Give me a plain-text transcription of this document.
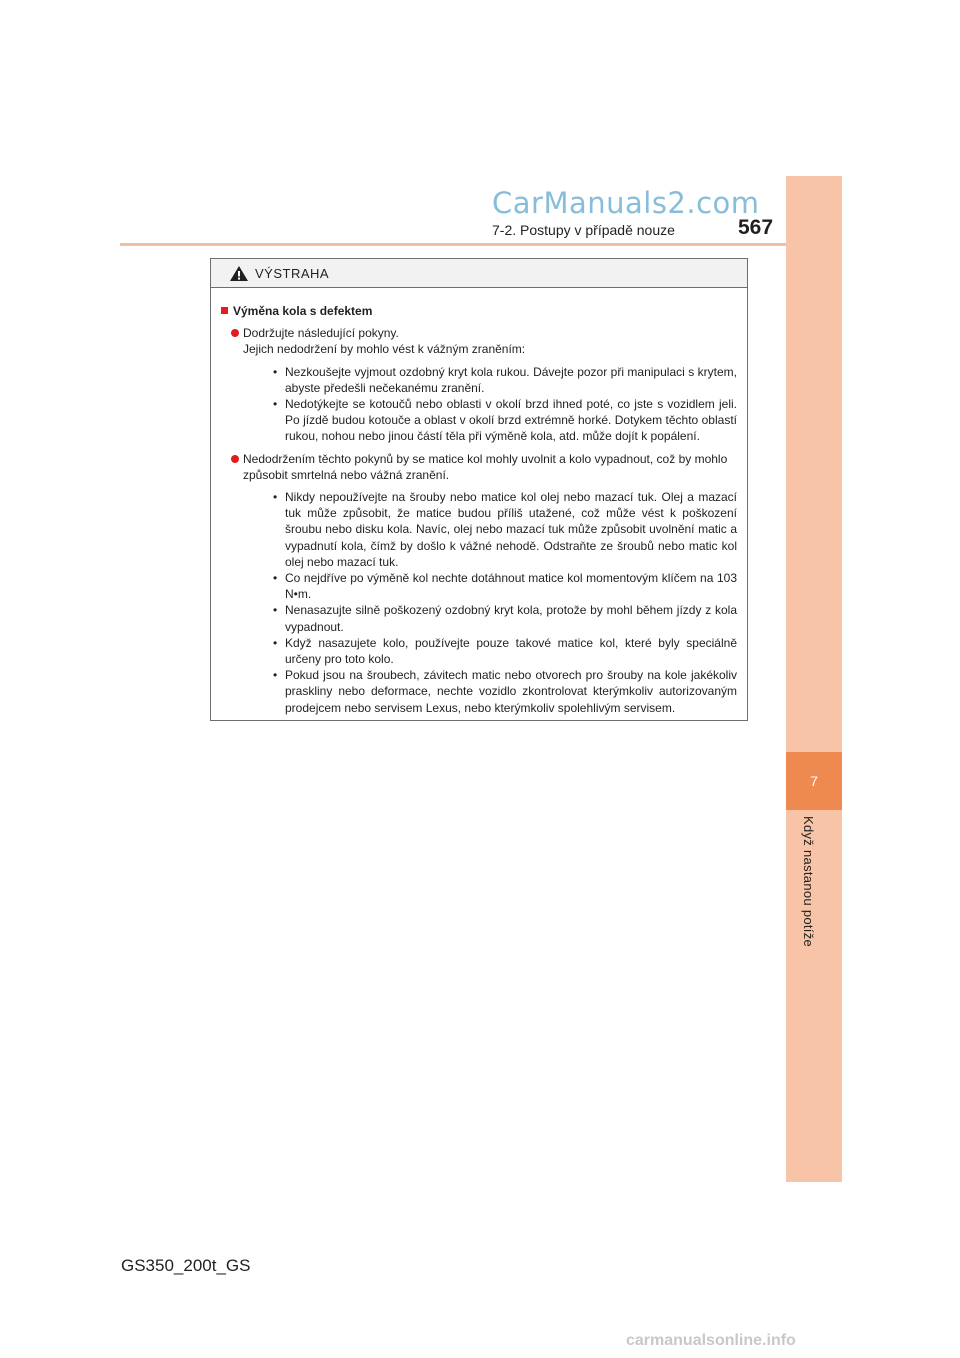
CarManuals2.com
7-2. Postupy v případě nouze	567
7
Když nastanou potíže
VÝSTRAHA
Výměna kola s defektem
Dodržujte následující pokyny.
Jejich nedodržení by mohlo vést k vážným zraněním:
• Nezkoušejte vyjmout ozdobný kryt kola rukou. Dávejte pozor při manipulaci s krytem, abyste předešli nečekanému zranění.
• Nedotýkejte se kotoučů nebo oblasti v okolí brzd ihned poté, co jste s vozidlem jeli. Po jízdě budou kotouče a oblast v okolí brzd extrémně horké. Dotykem těchto oblastí rukou, nohou nebo jinou částí těla při výměně kola, atd. může dojít k popálení.
Nedodržením těchto pokynů by se matice kol mohly uvolnit a kolo vypadnout, což by mohlo způsobit smrtelná nebo vážná zranění.
• Nikdy nepoužívejte na šrouby nebo matice kol olej nebo mazací tuk. Olej a mazací tuk může způsobit, že matice budou příliš utažené, což může vést k poškození šroubu nebo disku kola. Navíc, olej nebo mazací tuk může způsobit uvolnění matic a vypadnutí kola, čímž by došlo k vážné nehodě. Odstraňte ze šroubů nebo matic kol olej nebo mazací tuk.
• Co nejdříve po výměně kol nechte dotáhnout matice kol momentovým klíčem na 103 N•m.
• Nenasazujte silně poškozený ozdobný kryt kola, protože by mohl během jízdy z kola vypadnout.
• Když nasazujete kolo, používejte pouze takové matice kol, které byly speciálně určeny pro toto kolo.
• Pokud jsou na šroubech, závitech matic nebo otvorech pro šrouby na kole jakékoliv praskliny nebo deformace, nechte vozidlo zkontrolovat kterýmkoliv autorizovaným prodejcem nebo servisem Lexus, nebo kterýmkoliv spolehlivým servisem.
GS350_200t_GS
carmanualsonline.info
